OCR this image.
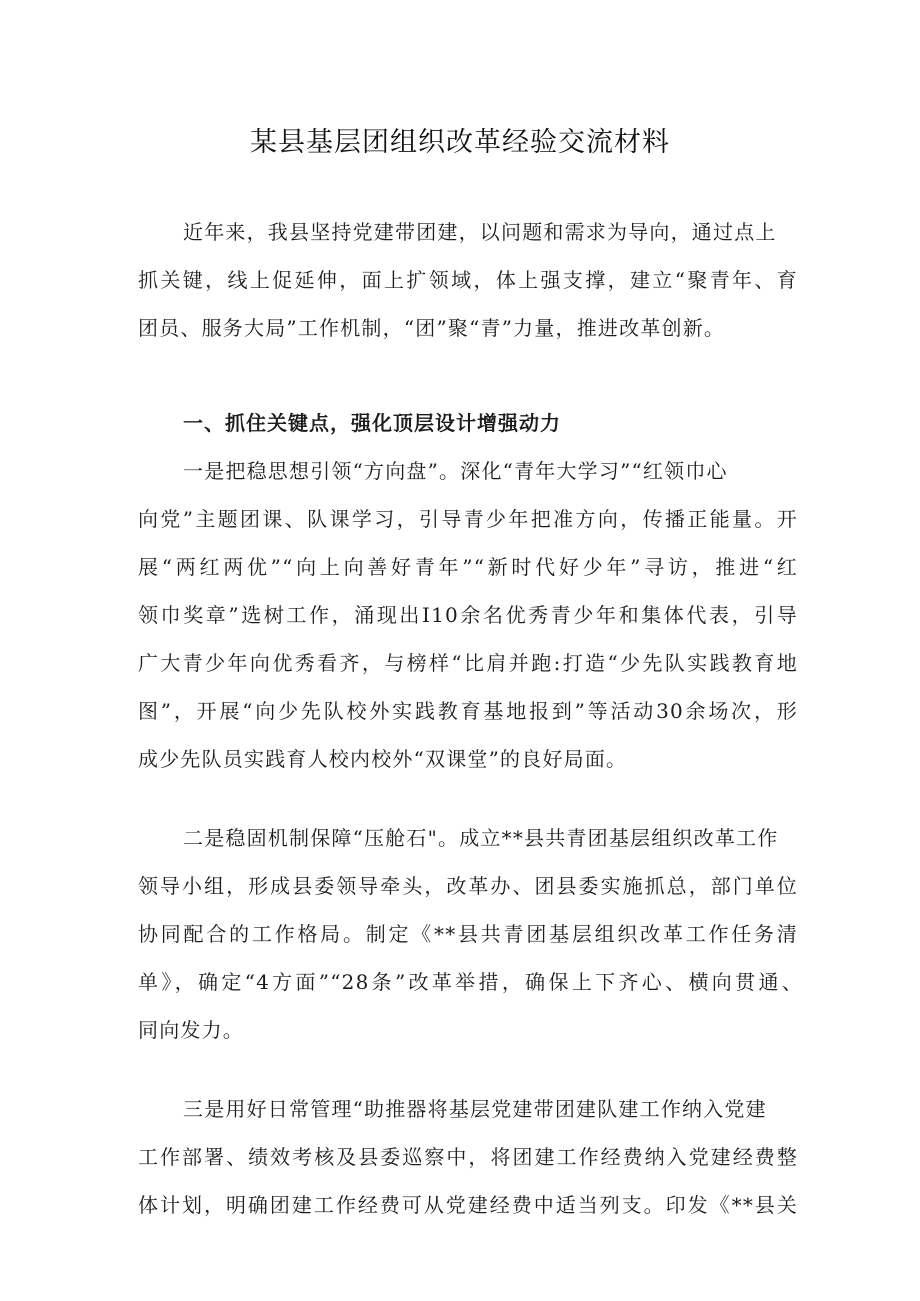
某县基层团组织改革经验交流材料
近年来，我县坚持党建带团建，以问题和需求为导向，通过点上
抓关键，线上促延伸，面上扩领域，体上强支撑，建立“聚青年、育
团员、服务大局”工作机制，“团”聚“青”力量，推进改革创新。
一、抓住关键点，强化顶层设计增强动力
一是把稳思想引领“方向盘”。深化“青年大学习”“红领巾心
向党”主题团课、队课学习，引导青少年把准方向，传播正能量。开
展“两红两优”“向上向善好青年”“新时代好少年”寻访，推进“红
领巾奖章”选树工作，涌现出I10余名优秀青少年和集体代表，引导
广大青少年向优秀看齐，与榜样“比肩并跑:打造“少先队实践教育地
图”，开展“向少先队校外实践教育基地报到”等活动30余场次，形
成少先队员实践育人校内校外“双课堂”的良好局面。
二是稳固机制保障“压舱石"。成立**县共青团基层组织改革工作
领导小组，形成县委领导牵头，改革办、团县委实施抓总，部门单位
协同配合的工作格局。制定《**县共青团基层组织改革工作任务清
单》，确定“4方面”“28条”改革举措，确保上下齐心、横向贯通、
同向发力。
三是用好日常管理“助推器将基层党建带团建队建工作纳入党建
工作部署、绩效考核及县委巡察中，将团建工作经费纳入党建经费整
体计划，明确团建工作经费可从党建经费中适当列支。印发《**县关
